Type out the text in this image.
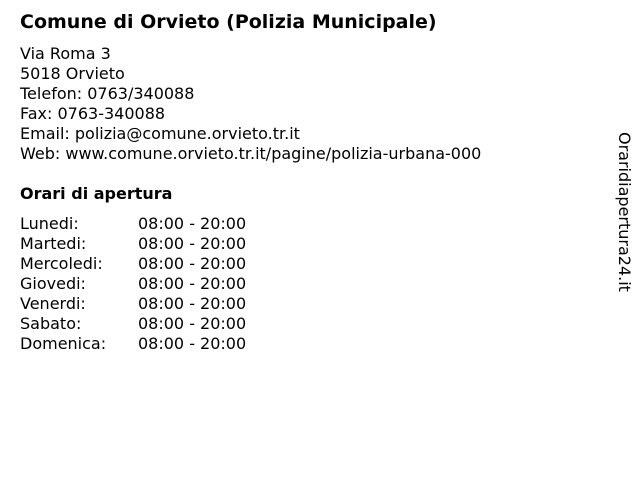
Comune di Orvieto (Polizia Municipale)
Via Roma 3
5018 Orvieto
Telefon: 0763/340088
Fax: 0763-340088
Email: polizia@comune.orvieto.tr.it
Web: www.comune.orvieto.tr.it/pagine/polizia-urbana-000
Orari di apertura
Lunedi:	08:00 - 20:00
Martedi:	08:00 - 20:00
Mercoledi: 08:00 - 20:00
Giovedi:	08:00 - 20:00
Venerdi:	08:00 - 20:00
Sabato:	08:00 - 20:00
Domenica: 08:00 - 20:00
Oraridiapertura24.it
